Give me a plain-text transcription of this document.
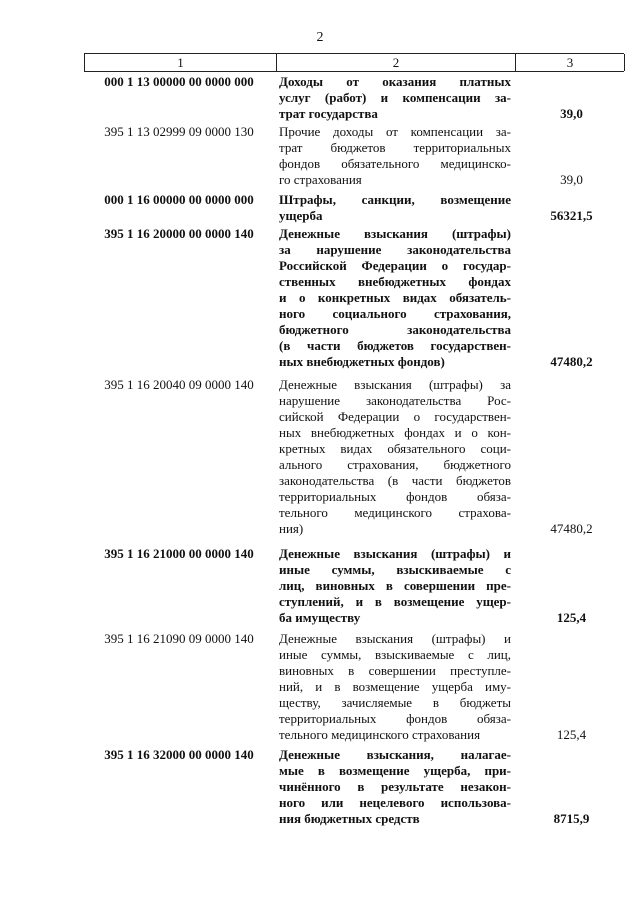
2
1	2	3
000 1 13 00000 00 0000 000	Доходы от оказания платных
услуг (работ) и компенсации за-
трат государства	39,0
395 1 13 02999 09 0000 130	Прочие доходы от компенсации за-
трат бюджетов территориальных
фондов обязательного медицинско-
го страхования	39,0
000 1 16 00000 00 0000 000	Штрафы, санкции, возмещение
ущерба	56321,5
395 1 16 20000 00 0000 140	Денежные взыскания (штрафы)
за нарушение законодательства
Российской Федерации о государ-
ственных внебюджетных фондах
и о конкретных видах обязатель-
ного социального страхования,
бюджетного законодательства
(в части бюджетов государствен-
ных внебюджетных фондов)	47480,2
395 1 16 20040 09 0000 140	Денежные взыскания (штрафы) за
нарушение законодательства Рос-
сийской Федерации о государствен-
ных внебюджетных фондах и о кон-
кретных видах обязательного соци-
ального страхования, бюджетного
законодательства (в части бюджетов
территориальных фондов обяза-
тельного медицинского страхова-
ния)	47480,2
395 1 16 21000 00 0000 140	Денежные взыскания (штрафы) и
иные суммы, взыскиваемые с
лиц, виновных в совершении пре-
ступлений, и в возмещение ущер-
ба имуществу	125,4
395 1 16 21090 09 0000 140	Денежные взыскания (штрафы) и
иные суммы, взыскиваемые с лиц,
виновных в совершении преступле-
ний, и в возмещение ущерба иму-
ществу, зачисляемые в бюджеты
территориальных фондов обяза-
тельного медицинского страхования	125,4
395 1 16 32000 00 0000 140	Денежные взыскания, налагае-
мые в возмещение ущерба, при-
чинённого в результате незакон-
ного или нецелевого использова-
ния бюджетных средств	8715,9
